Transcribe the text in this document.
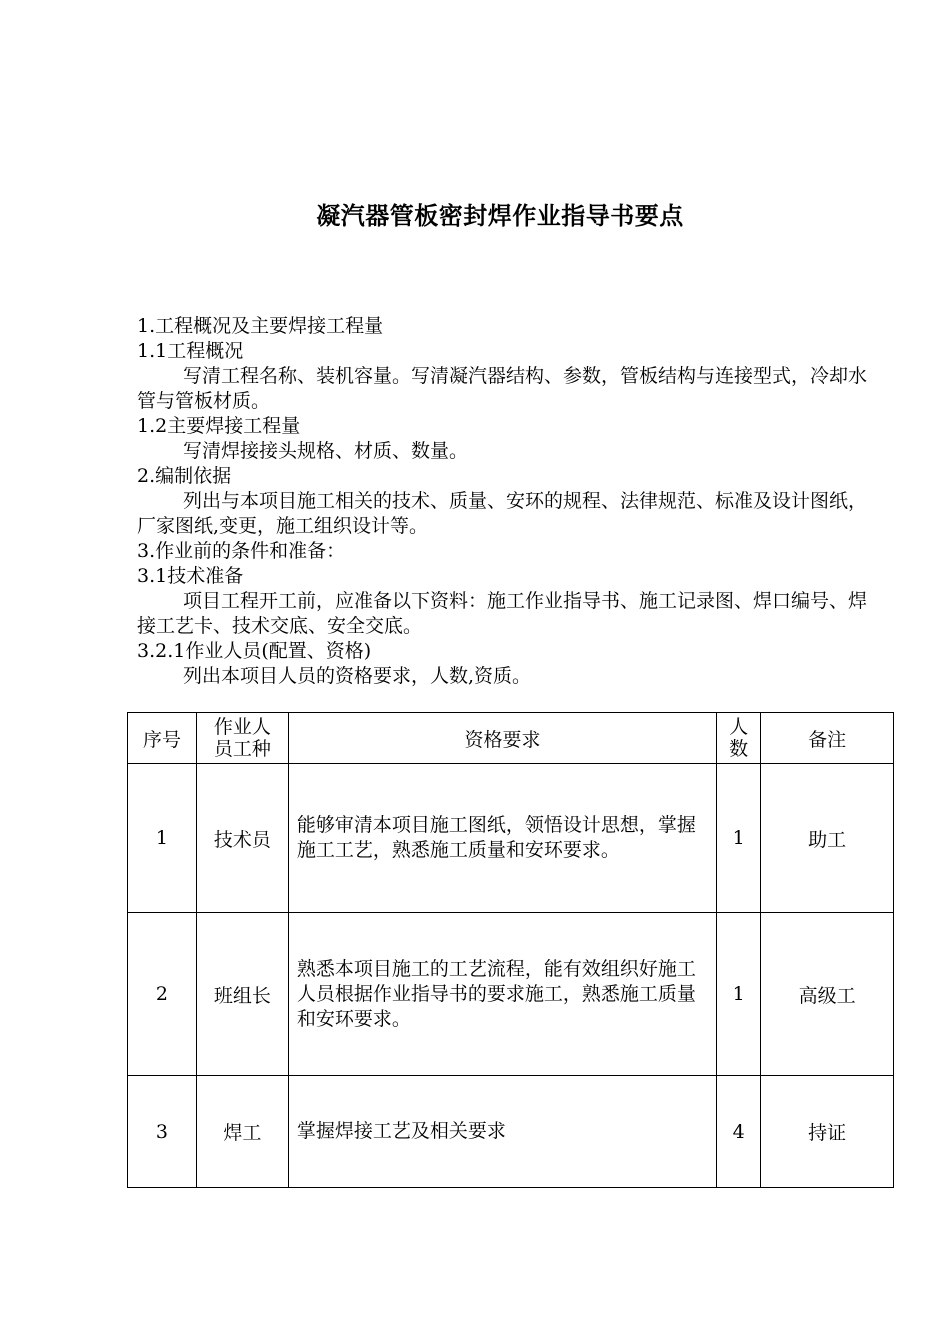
凝汽器管板密封焊作业指导书要点

1.工程概况及主要焊接工程量

1.1工程概况

写清工程名称、装机容量。写清凝汽器结构、参数，管板结构与连接型式，冷却水管与管板材质。

1.2主要焊接工程量

写清焊接接头规格、材质、数量。

2.编制依据

列出与本项目施工相关的技术、质量、安环的规程、法律规范、标准及设计图纸，厂家图纸,变更，施工组织设计等。

3.作业前的条件和准备：

3.1技术准备

项目工程开工前，应准备以下资料：施工作业指导书、施工记录图、焊口编号、焊接工艺卡、技术交底、安全交底。

3.2.1作业人员(配置、资格)

列出本项目人员的资格要求，人数,资质。

序号	作业人员工种	资格要求	人数	备注
1	技术员	能够审清本项目施工图纸，领悟设计思想，掌握施工工艺，熟悉施工质量和安环要求。	1	助工
2	班组长	熟悉本项目施工的工艺流程，能有效组织好施工人员根据作业指导书的要求施工，熟悉施工质量和安环要求。	1	高级工
3	焊工	掌握焊接工艺及相关要求	4	持证
